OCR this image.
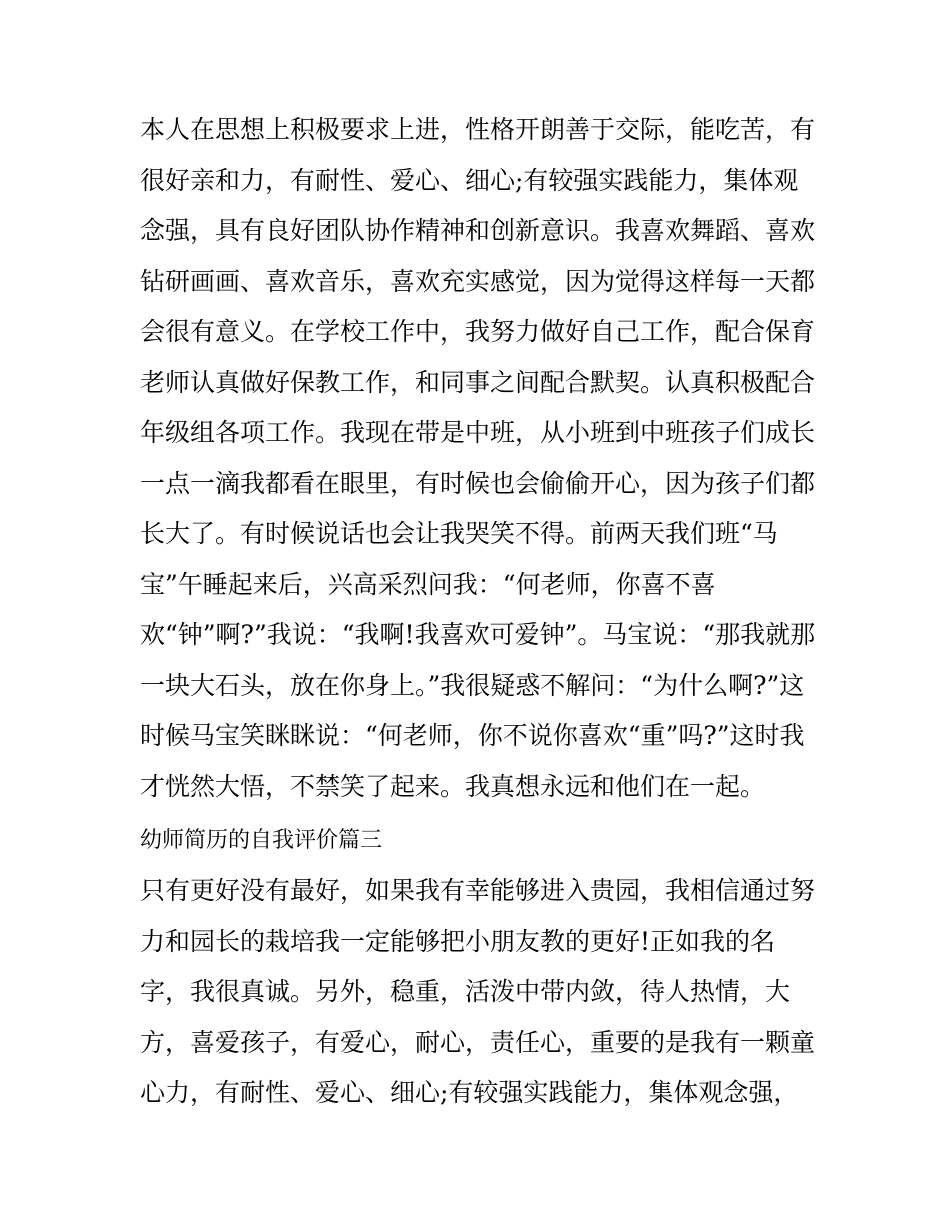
本人在思想上积极要求上进，性格开朗善于交际，能吃苦，有
很好亲和力，有耐性、爱心、细心;有较强实践能力，集体观
念强，具有良好团队协作精神和创新意识。我喜欢舞蹈、喜欢
钻研画画、喜欢音乐，喜欢充实感觉，因为觉得这样每一天都
会很有意义。在学校工作中，我努力做好自己工作，配合保育
老师认真做好保教工作，和同事之间配合默契。认真积极配合
年级组各项工作。我现在带是中班，从小班到中班孩子们成长
一点一滴我都看在眼里，有时候也会偷偷开心，因为孩子们都
长大了。有时候说话也会让我哭笑不得。前两天我们班“马
宝”午睡起来后，兴高采烈问我：“何老师，你喜不喜
欢“钟”啊?”我说：“我啊!我喜欢可爱钟”。马宝说：“那我就那
一块大石头，放在你身上。”我很疑惑不解问：“为什么啊?”这
时候马宝笑眯眯说：“何老师，你不说你喜欢“重”吗?”这时我
才恍然大悟，不禁笑了起来。我真想永远和他们在一起。
幼师简历的自我评价篇三
只有更好没有最好，如果我有幸能够进入贵园，我相信通过努
力和园长的栽培我一定能够把小朋友教的更好!正如我的名
字，我很真诚。另外，稳重，活泼中带内敛，待人热情，大
方，喜爱孩子，有爱心，耐心，责任心，重要的是我有一颗童
心力，有耐性、爱心、细心;有较强实践能力，集体观念强，
